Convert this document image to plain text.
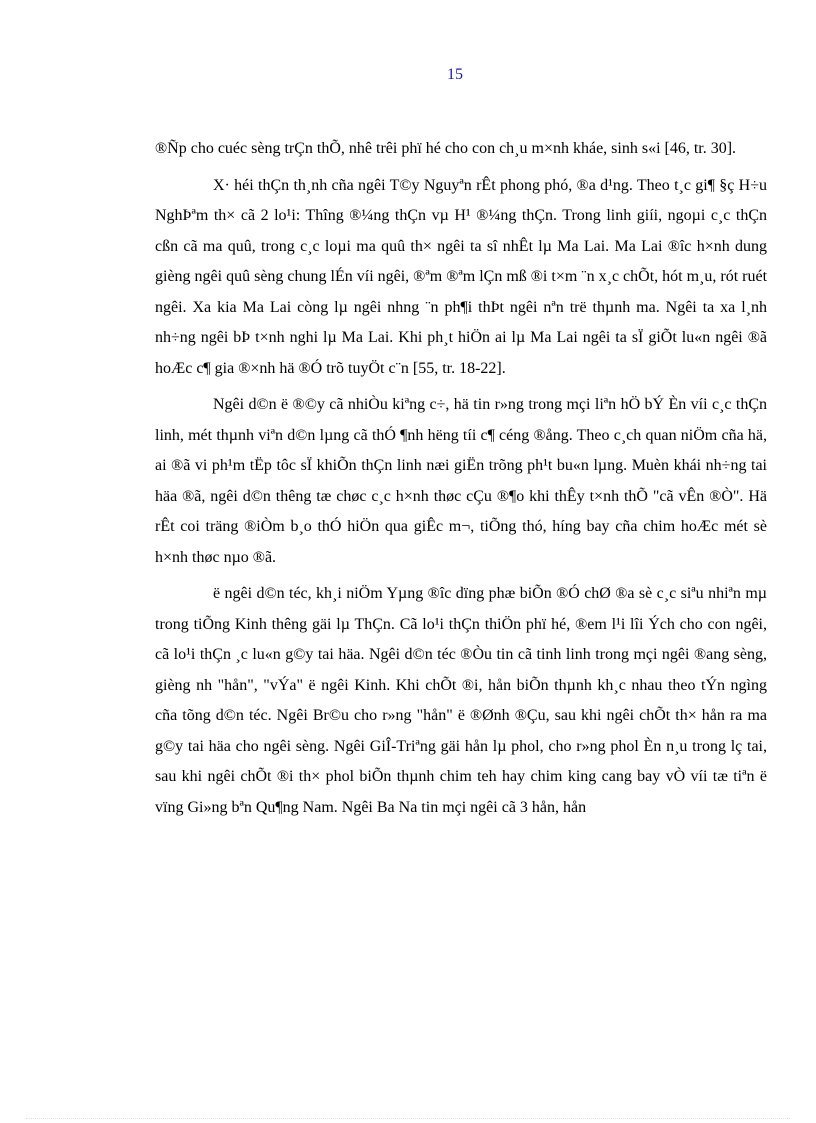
15

®Ñp cho cuéc sèng trÇn thÕ, nhê trêi phï hé cho con ch¸u m×nh kháe, sinh s«i [46, tr. 30].

X· héi thÇn th¸nh cña ngêi T©y Nguyªn rÊt phong phó, ®a d¹ng. Theo t¸c gi¶ §ç H÷u NghÞªm th× cã 2 lo¹i: Thîng ®¼ng thÇn vµ H¹ ®¼ng thÇn. Trong linh giíi, ngoµi c¸c thÇn cßn cã ma quû, trong c¸c loµi ma quû th× ngêi ta sî nhÊt lµ Ma Lai. Ma Lai ®îc h×nh dung gièng ngêi quû sèng chung lÉn víi ngêi, ®ªm ®ªm lÇn mß ®i t×m ¨n x¸c chÕt, hót m¸u, rót ruét ngêi. Xa kia Ma Lai còng lµ ngêi nhng ¨n ph¶i thÞt ngêi nªn trë thµnh ma. Ngêi ta xa l¸nh nh÷ng ngêi bÞ t×nh nghi lµ Ma Lai. Khi ph¸t hiÖn ai lµ Ma Lai ngêi ta sÏ giÕt lu«n ngêi ®ã hoÆc c¶ gia ®×nh hä ®Ó trõ tuyÖt c¨n [55, tr. 18-22].

Ngêi d©n ë ®©y cã nhiÒu kiªng c÷, hä tin r»ng trong mçi liªn hÖ bÝ Èn víi c¸c thÇn linh, mét thµnh viªn d©n lµng cã thÓ ¶nh hëng tíi c¶ céng ®ång. Theo c¸ch quan niÖm cña hä, ai ®ã vi ph¹m tËp tôc sÏ khiÕn thÇn linh næi giËn trõng ph¹t bu«n lµng. Muèn khái nh÷ng tai häa ®ã, ngêi d©n thêng tæ chøc c¸c h×nh thøc cÇu ®¶o khi thÊy t×nh thÕ "cã vÊn ®Ò". Hä rÊt coi träng ®iÒm b¸o thÓ hiÖn qua giÊc m¬, tiÕng thó, híng bay cña chim hoÆc mét sè h×nh thøc nµo ®ã.

ë ngêi d©n téc, kh¸i niÖm Yµng ®îc dïng phæ biÕn ®Ó chØ ®a sè c¸c siªu nhiªn mµ trong tiÕng Kinh thêng gäi lµ ThÇn. Cã lo¹i thÇn thiÖn phï hé, ®em l¹i lîi Ých cho con ngêi, cã lo¹i thÇn ¸c lu«n g©y tai häa. Ngêi d©n téc ®Òu tin cã tinh linh trong mçi ngêi ®ang sèng, gièng nh "hån", "vÝa" ë ngêi Kinh. Khi chÕt ®i, hån biÕn thµnh kh¸c nhau theo tÝn ngìng cña tõng d©n téc. Ngêi Br©u cho r»ng "hån" ë ®Ønh ®Çu, sau khi ngêi chÕt th× hån ra ma g©y tai häa cho ngêi sèng. Ngêi GiÎ-Triªng gäi hån lµ phol, cho r»ng phol Èn n¸u trong lç tai, sau khi ngêi chÕt ®i th× phol biÕn thµnh chim teh hay chim king cang bay vÒ víi tæ tiªn ë vïng Gi»ng bªn Qu¶ng Nam. Ngêi Ba Na tin mçi ngêi cã 3 hån, hån
